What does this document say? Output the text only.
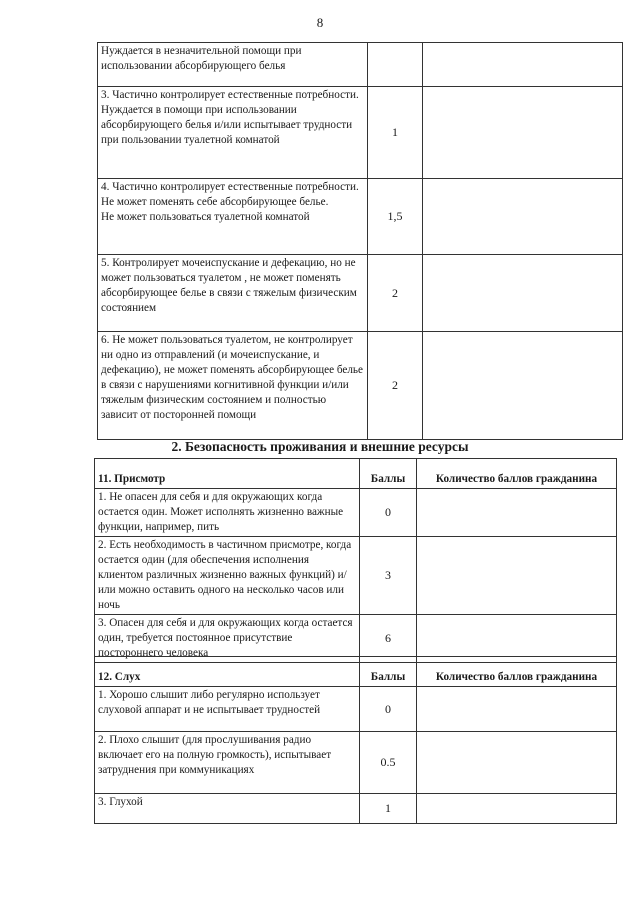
8
Нуждается в незначительной помощи при использовании абсорбирующего белья		
3. Частично контролирует естественные потребности.
Нуждается в помощи при использовании абсорбирующего белья и/или испытывает трудности при пользовании туалетной комнатой	1	
4. Частично контролирует естественные потребности.
Не может поменять себе абсорбирующее белье.
Не может пользоваться туалетной комнатой	1,5	
5. Контролирует мочеиспускание и дефекацию, но не может пользоваться туалетом , не может поменять абсорбирующее белье в связи с тяжелым физическим состоянием	2	
6. Не может пользоваться туалетом, не контролирует ни одно из отправлений (и мочеиспускание, и дефекацию), не может поменять абсорбирующее белье в связи с нарушениями когнитивной функции и/или тяжелым физическим состоянием и полностью зависит от посторонней помощи	2	
2. Безопасность проживания и внешние ресурсы
11. Присмотр	Баллы	Количество баллов гражданина
1. Не опасен для себя и для окружающих когда остается один. Может исполнять жизненно важные функции, например, пить	0	
2. Есть необходимость в частичном присмотре, когда остается один (для обеспечения исполнения клиентом различных жизненно важных функций) и/или можно оставить одного на несколько часов или ночь	3	
3. Опасен для себя и для окружающих когда остается один, требуется постоянное присутствие постороннего человека	6	
12. Слух	Баллы	Количество баллов гражданина
1. Хорошо слышит либо регулярно использует слуховой аппарат и не испытывает трудностей	0	
2. Плохо слышит (для прослушивания радио включает его на полную громкость), испытывает затруднения при коммуникациях	0.5	
3. Глухой	1	
